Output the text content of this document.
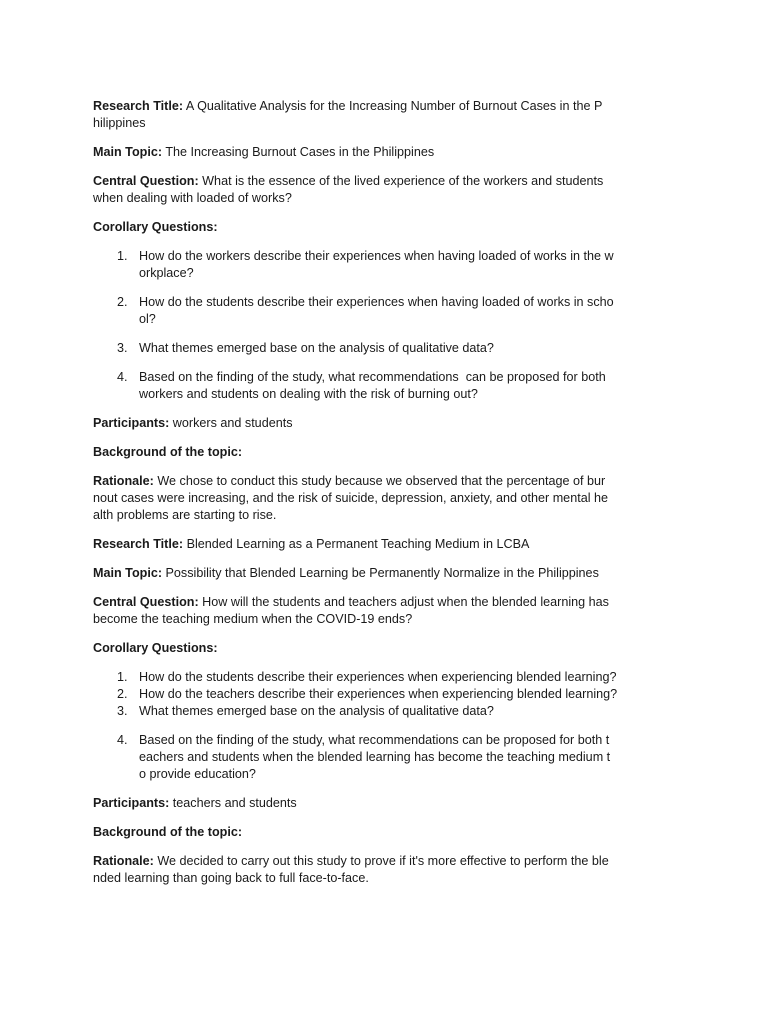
Research Title: A Qualitative Analysis for the Increasing Number of Burnout Cases in the P
hilippines

Main Topic: The Increasing Burnout Cases in the Philippines

Central Question: What is the essence of the lived experience of the workers and students
when dealing with loaded of works?

Corollary Questions:

1. How do the workers describe their experiences when having loaded of works in the w
orkplace?
2. How do the students describe their experiences when having loaded of works in scho
ol?
3. What themes emerged base on the analysis of qualitative data?
4. Based on the finding of the study, what recommendations  can be proposed for both
workers and students on dealing with the risk of burning out?

Participants: workers and students

Background of the topic:

Rationale: We chose to conduct this study because we observed that the percentage of bur
nout cases were increasing, and the risk of suicide, depression, anxiety, and other mental he
alth problems are starting to rise.

Research Title: Blended Learning as a Permanent Teaching Medium in LCBA

Main Topic: Possibility that Blended Learning be Permanently Normalize in the Philippines

Central Question: How will the students and teachers adjust when the blended learning has
become the teaching medium when the COVID-19 ends?

Corollary Questions:

1. How do the students describe their experiences when experiencing blended learning?
2. How do the teachers describe their experiences when experiencing blended learning?
3. What themes emerged base on the analysis of qualitative data?
4. Based on the finding of the study, what recommendations can be proposed for both t
eachers and students when the blended learning has become the teaching medium t
o provide education?

Participants: teachers and students

Background of the topic:

Rationale: We decided to carry out this study to prove if it's more effective to perform the ble
nded learning than going back to full face-to-face.
